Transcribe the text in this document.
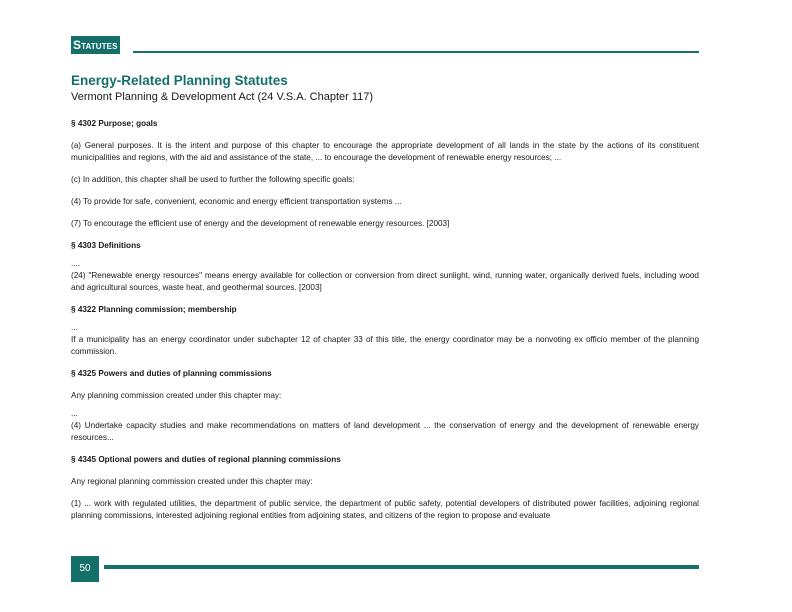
Statutes
Energy-Related Planning Statutes
Vermont Planning & Development Act (24 V.S.A. Chapter 117)

§ 4302 Purpose; goals

(a) General purposes. It is the intent and purpose of this chapter to encourage the appropriate development of all lands in the state by the actions of its constituent municipalities and regions, with the aid and assistance of the state, ... to encourage the development of renewable energy resources; ...

(c) In addition, this chapter shall be used to further the following specific goals:

(4) To provide for safe, convenient, economic and energy efficient transportation systems ...

(7) To encourage the efficient use of energy and the development of renewable energy resources. [2003]

§ 4303 Definitions

....

(24) "Renewable energy resources" means energy available for collection or conversion from direct sunlight, wind, running water, organically derived fuels, including wood and agricultural sources, waste heat, and geothermal sources. [2003]

§ 4322 Planning commission; membership

...

If a municipality has an energy coordinator under subchapter 12 of chapter 33 of this title, the energy coordinator may be a nonvoting ex officio member of the planning commission.

§ 4325 Powers and duties of planning commissions

Any planning commission created under this chapter may:

...

(4) Undertake capacity studies and make recommendations on matters of land development ... the conservation of energy and the development of renewable energy resources...

§ 4345 Optional powers and duties of regional planning commissions

Any regional planning commission created under this chapter may:

(1) ... work with regulated utilities, the department of public service, the department of public safety, potential developers of distributed power facilities, adjoining regional planning commissions, interested adjoining regional entities from adjoining states, and citizens of the region to propose and evaluate

50
